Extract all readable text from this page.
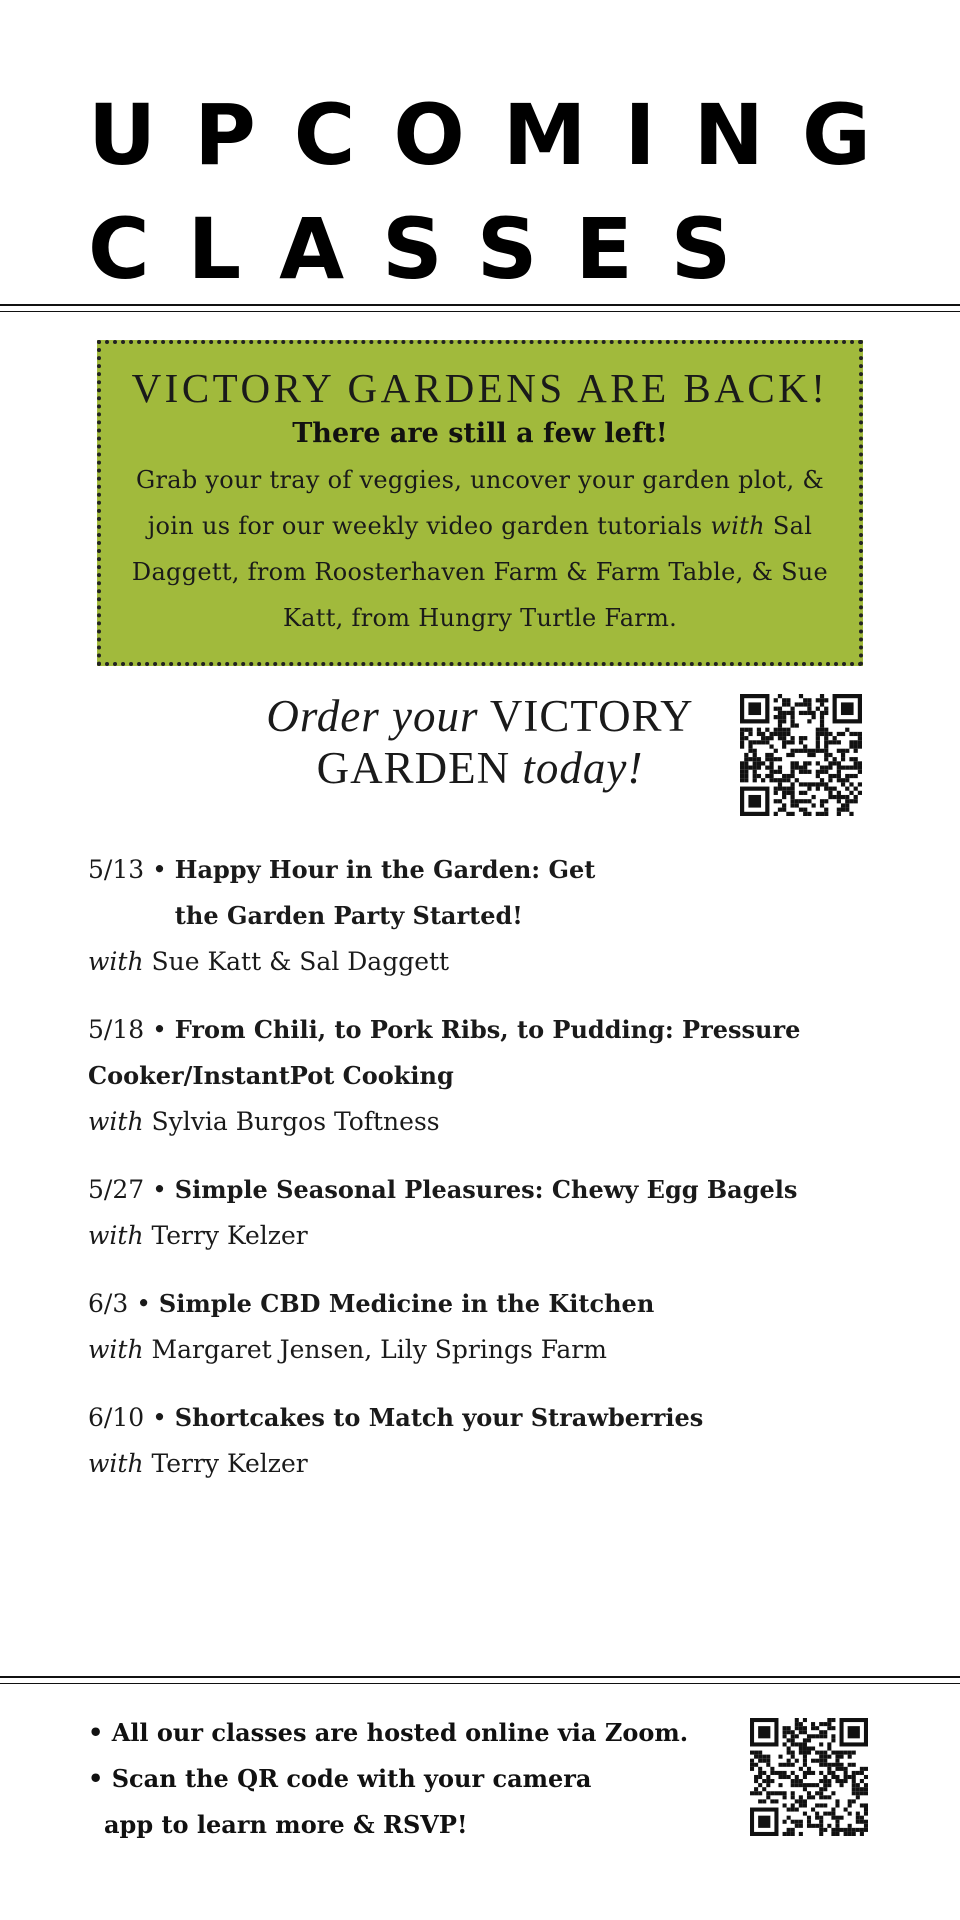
UPCOMING
CLASSES
VICTORY GARDENS ARE BACK!
There are still a few left!
Grab your tray of veggies, uncover your garden plot, & join us for our weekly video garden tutorials with Sal Daggett, from Roosterhaven Farm & Farm Table, & Sue Katt, from Hungry Turtle Farm.
Order your VICTORY GARDEN today!
5/13 • Happy Hour in the Garden: Get the Garden Party Started!
with Sue Katt & Sal Daggett
5/18 • From Chili, to Pork Ribs, to Pudding: Pressure Cooker/InstantPot Cooking
with Sylvia Burgos Toftness
5/27 • Simple Seasonal Pleasures: Chewy Egg Bagels
with Terry Kelzer
6/3 • Simple CBD Medicine in the Kitchen
with Margaret Jensen, Lily Springs Farm
6/10 • Shortcakes to Match your Strawberries
with Terry Kelzer
• All our classes are hosted online via Zoom.
• Scan the QR code with your camera
app to learn more & RSVP!
